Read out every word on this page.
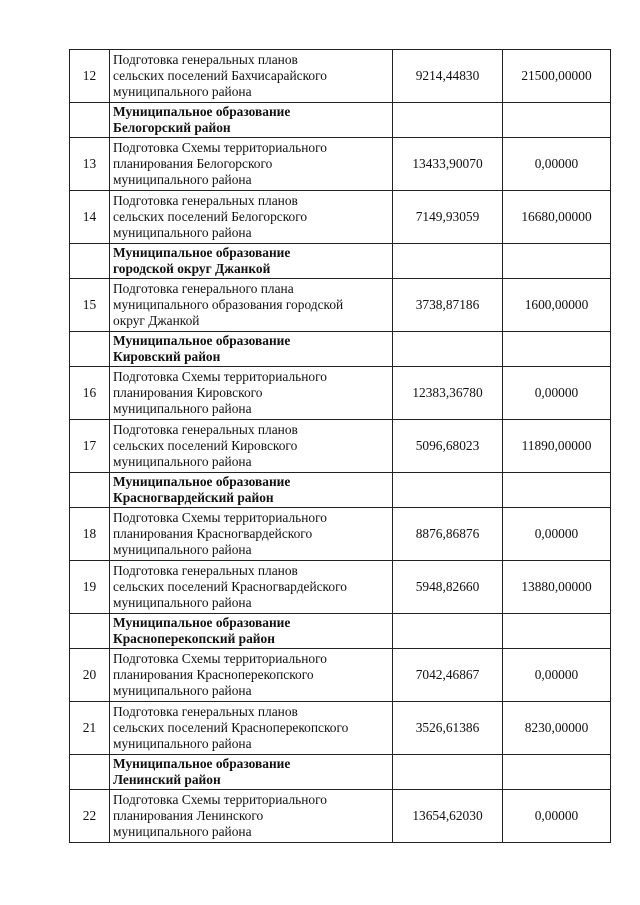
12	Подготовка генеральных планов
сельских поселений Бахчисарайского
муниципального района	9214,44830	21500,00000

	Муниципальное образование
Белогорский район		

13	Подготовка Схемы территориального
планирования Белогорского
муниципального района	13433,90070	0,00000
14	Подготовка генеральных планов
сельских поселений Белогорского
муниципального района	7149,93059	16680,00000

	Муниципальное образование
городской округ Джанкой		

15	Подготовка генерального плана
муниципального образования городской
округ Джанкой	3738,87186	1600,00000

	Муниципальное образование
Кировский район		

16	Подготовка Схемы территориального
планирования Кировского
муниципального района	12383,36780	0,00000
17	Подготовка генеральных планов
сельских поселений Кировского
муниципального района	5096,68023	11890,00000

	Муниципальное образование
Красногвардейский район		

18	Подготовка Схемы территориального
планирования Красногвардейского
муниципального района	8876,86876	0,00000
19	Подготовка генеральных планов
сельских поселений Красногвардейского
муниципального района	5948,82660	13880,00000

	Муниципальное образование
Красноперекопский район		

20	Подготовка Схемы территориального
планирования Красноперекопского
муниципального района	7042,46867	0,00000
21	Подготовка генеральных планов
сельских поселений Красноперекопского
муниципального района	3526,61386	8230,00000

	Муниципальное образование
Ленинский район		

22	Подготовка Схемы территориального
планирования Ленинского
муниципального района	13654,62030	0,00000
